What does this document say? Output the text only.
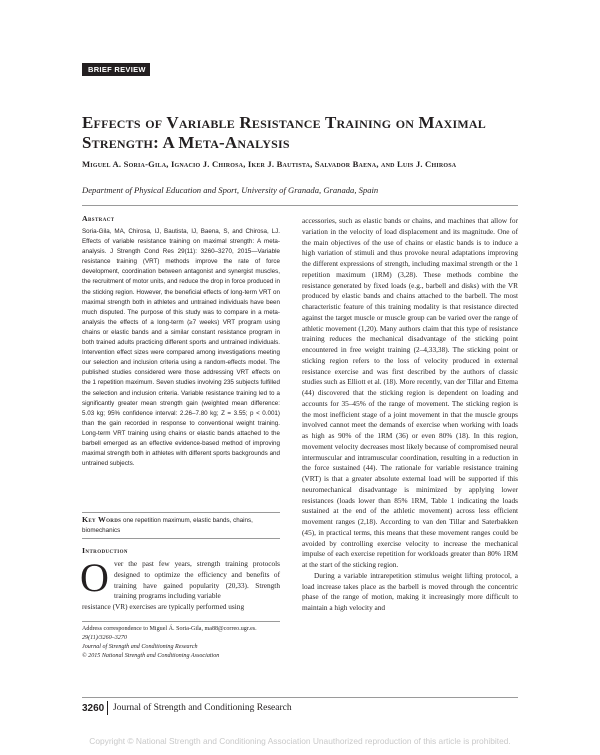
BRIEF REVIEW
Effects of Variable Resistance Training on Maximal Strength: A Meta-Analysis
Miguel A. Soria-Gila, Ignacio J. Chirosa, Iker J. Bautista, Salvador Baena, and Luis J. Chirosa
Department of Physical Education and Sport, University of Granada, Granada, Spain
Abstract
Soria-Gila, MA, Chirosa, IJ, Bautista, IJ, Baena, S, and Chirosa, LJ. Effects of variable resistance training on maximal strength: A meta-analysis. J Strength Cond Res 29(11): 3260–3270, 2015—Variable resistance training (VRT) methods improve the rate of force development, coordination between antagonist and synergist muscles, the recruitment of motor units, and reduce the drop in force produced in the sticking region. However, the beneficial effects of long-term VRT on maximal strength both in athletes and untrained individuals have been much disputed. The purpose of this study was to compare in a meta-analysis the effects of a long-term (≥7 weeks) VRT program using chains or elastic bands and a similar constant resistance program in both trained adults practicing different sports and untrained individuals. Intervention effect sizes were compared among investigations meeting our selection and inclusion criteria using a random-effects model. The published studies considered were those addressing VRT effects on the 1 repetition maximum. Seven studies involving 235 subjects fulfilled the selection and inclusion criteria. Variable resistance training led to a significantly greater mean strength gain (weighted mean difference: 5.03 kg; 95% confidence interval: 2.26–7.80 kg; Z = 3.55; p < 0.001) than the gain recorded in response to conventional weight training. Long-term VRT training using chains or elastic bands attached to the barbell emerged as an effective evidence-based method of improving maximal strength both in athletes with different sports backgrounds and untrained subjects.
Key Words one repetition maximum, elastic bands, chains, biomechanics
Introduction
O ver the past few years, strength training protocols designed to optimize the efficiency and benefits of training have gained popularity (20,33). Strength training programs including variable
resistance (VR) exercises are typically performed using
Address correspondence to Miguel Á. Soria-Gila, ma88@correo.ugr.es.
29(11)/3260–3270
Journal of Strength and Conditioning Research
© 2015 National Strength and Conditioning Association

accessories, such as elastic bands or chains, and machines that allow for variation in the velocity of load displacement and its magnitude. One of the main objectives of the use of chains or elastic bands is to induce a high variation of stimuli and thus provoke neural adaptations improving the different expressions of strength, including maximal strength or the 1 repetition maximum (1RM) (3,28). These methods combine the resistance generated by fixed loads (e.g., barbell and disks) with the VR produced by elastic bands and chains attached to the barbell. The most characteristic feature of this training modality is that resistance directed against the target muscle or muscle group can be varied over the range of athletic movement (1,20). Many authors claim that this type of resistance training reduces the mechanical disadvantage of the sticking point encountered in free weight training (2–4,33,38). The sticking point or sticking region refers to the loss of velocity produced in external resistance exercise and was first described by the authors of classic studies such as Elliott et al. (18). More recently, van der Tillar and Ettema (44) discovered that the sticking region is dependent on loading and accounts for 35–45% of the range of movement. The sticking region is the most inefficient stage of a joint movement in that the muscle groups involved cannot meet the demands of exercise when working with loads as high as 90% of the 1RM (36) or even 80% (18). In this region, movement velocity decreases most likely because of compromised neural intermuscular and intramuscular coordination, resulting in a reduction in the force sustained (44). The rationale for variable resistance training (VRT) is that a greater absolute external load will be supported if this neuromechanical disadvantage is minimized by applying lower resistances (loads lower than 85% 1RM, Table 1 indicating the loads sustained at the end of the athletic movement) across less efficient movement ranges (2,18). According to van den Tillar and Saterbakken (45), in practical terms, this means that these movement ranges could be avoided by controlling exercise velocity to increase the mechanical impulse of each exercise repetition for workloads greater than 80% 1RM at the start of the sticking region.

During a variable intrarepetition stimulus weight lifting protocol, a load increase takes place as the barbell is moved through the concentric phase of the range of motion, making it increasingly more difficult to maintain a high velocity and

3260 Journal of Strength and Conditioning Research
Copyright © National Strength and Conditioning Association Unauthorized reproduction of this article is prohibited.
